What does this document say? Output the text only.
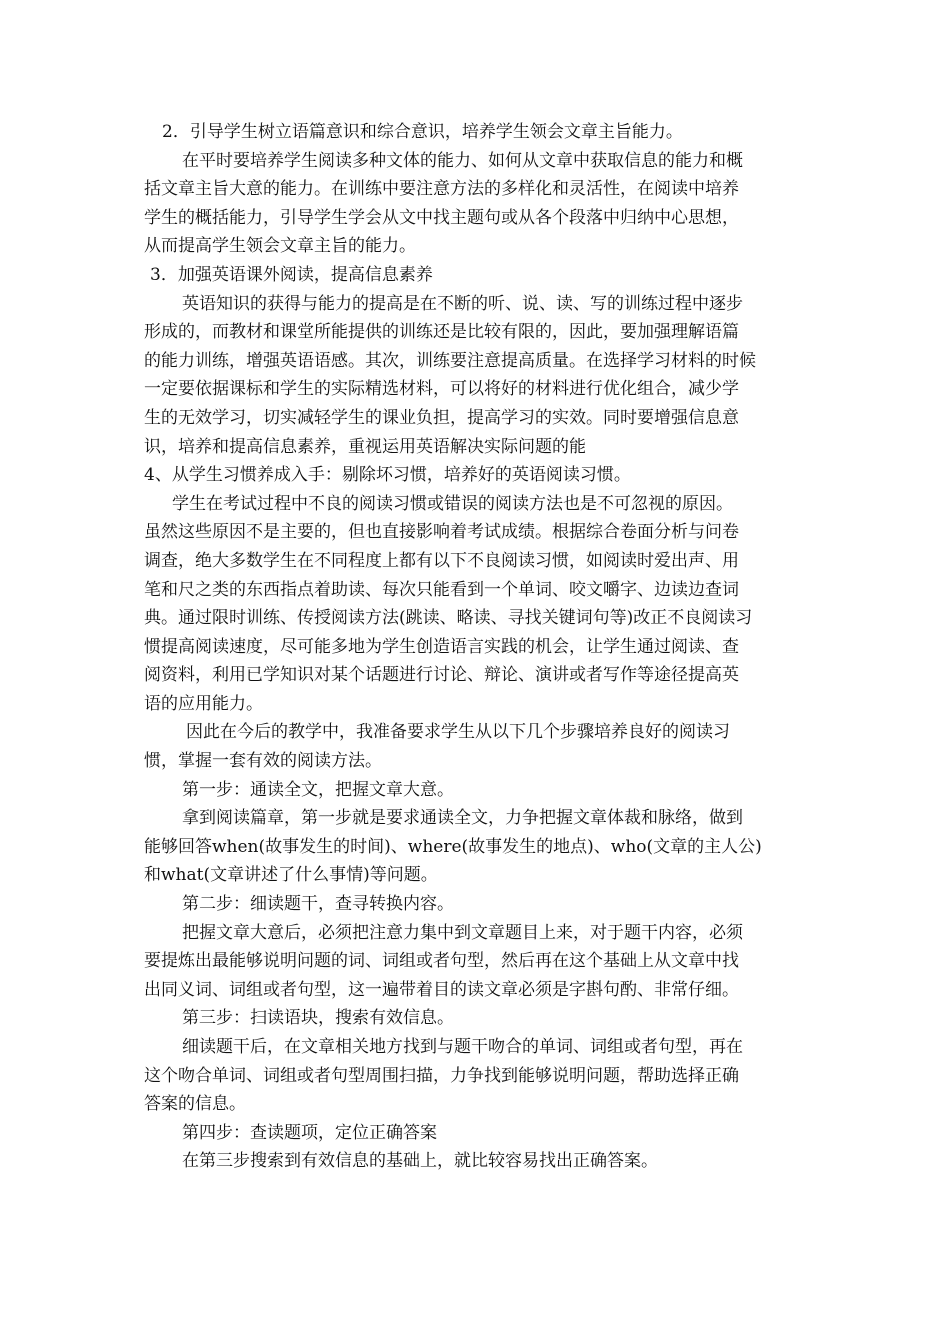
2．引导学生树立语篇意识和综合意识，培养学生领会文章主旨能力。
在平时要培养学生阅读多种文体的能力、如何从文章中获取信息的能力和概
括文章主旨大意的能力。在训练中要注意方法的多样化和灵活性，在阅读中培养
学生的概括能力，引导学生学会从文中找主题句或从各个段落中归纳中心思想，
从而提高学生领会文章主旨的能力。
3．加强英语课外阅读，提高信息素养
英语知识的获得与能力的提高是在不断的听、说、读、写的训练过程中逐步
形成的，而教材和课堂所能提供的训练还是比较有限的，因此，要加强理解语篇
的能力训练，增强英语语感。其次，训练要注意提高质量。在选择学习材料的时候
一定要依据课标和学生的实际精选材料，可以将好的材料进行优化组合，减少学
生的无效学习，切实减轻学生的课业负担，提高学习的实效。同时要增强信息意
识，培养和提高信息素养，重视运用英语解决实际问题的能
4、从学生习惯养成入手：剔除坏习惯，培养好的英语阅读习惯。
学生在考试过程中不良的阅读习惯或错误的阅读方法也是不可忽视的原因。
虽然这些原因不是主要的，但也直接影响着考试成绩。根据综合卷面分析与问卷
调查，绝大多数学生在不同程度上都有以下不良阅读习惯，如阅读时爱出声、用
笔和尺之类的东西指点着助读、每次只能看到一个单词、咬文嚼字、边读边查词
典。通过限时训练、传授阅读方法(跳读、略读、寻找关键词句等)改正不良阅读习
惯提高阅读速度，尽可能多地为学生创造语言实践的机会，让学生通过阅读、查
阅资料，利用已学知识对某个话题进行讨论、辩论、演讲或者写作等途径提高英
语的应用能力。
因此在今后的教学中，我准备要求学生从以下几个步骤培养良好的阅读习
惯，掌握一套有效的阅读方法。
第一步：通读全文，把握文章大意。
拿到阅读篇章，第一步就是要求通读全文，力争把握文章体裁和脉络，做到
能够回答when(故事发生的时间)、where(故事发生的地点)、who(文章的主人公)
和what(文章讲述了什么事情)等问题。
第二步：细读题干，查寻转换内容。
把握文章大意后，必须把注意力集中到文章题目上来，对于题干内容，必须
要提炼出最能够说明问题的词、词组或者句型，然后再在这个基础上从文章中找
出同义词、词组或者句型，这一遍带着目的读文章必须是字斟句酌、非常仔细。
第三步：扫读语块，搜索有效信息。
细读题干后，在文章相关地方找到与题干吻合的单词、词组或者句型，再在
这个吻合单词、词组或者句型周围扫描，力争找到能够说明问题，帮助选择正确
答案的信息。
第四步：查读题项，定位正确答案
在第三步搜索到有效信息的基础上，就比较容易找出正确答案。
